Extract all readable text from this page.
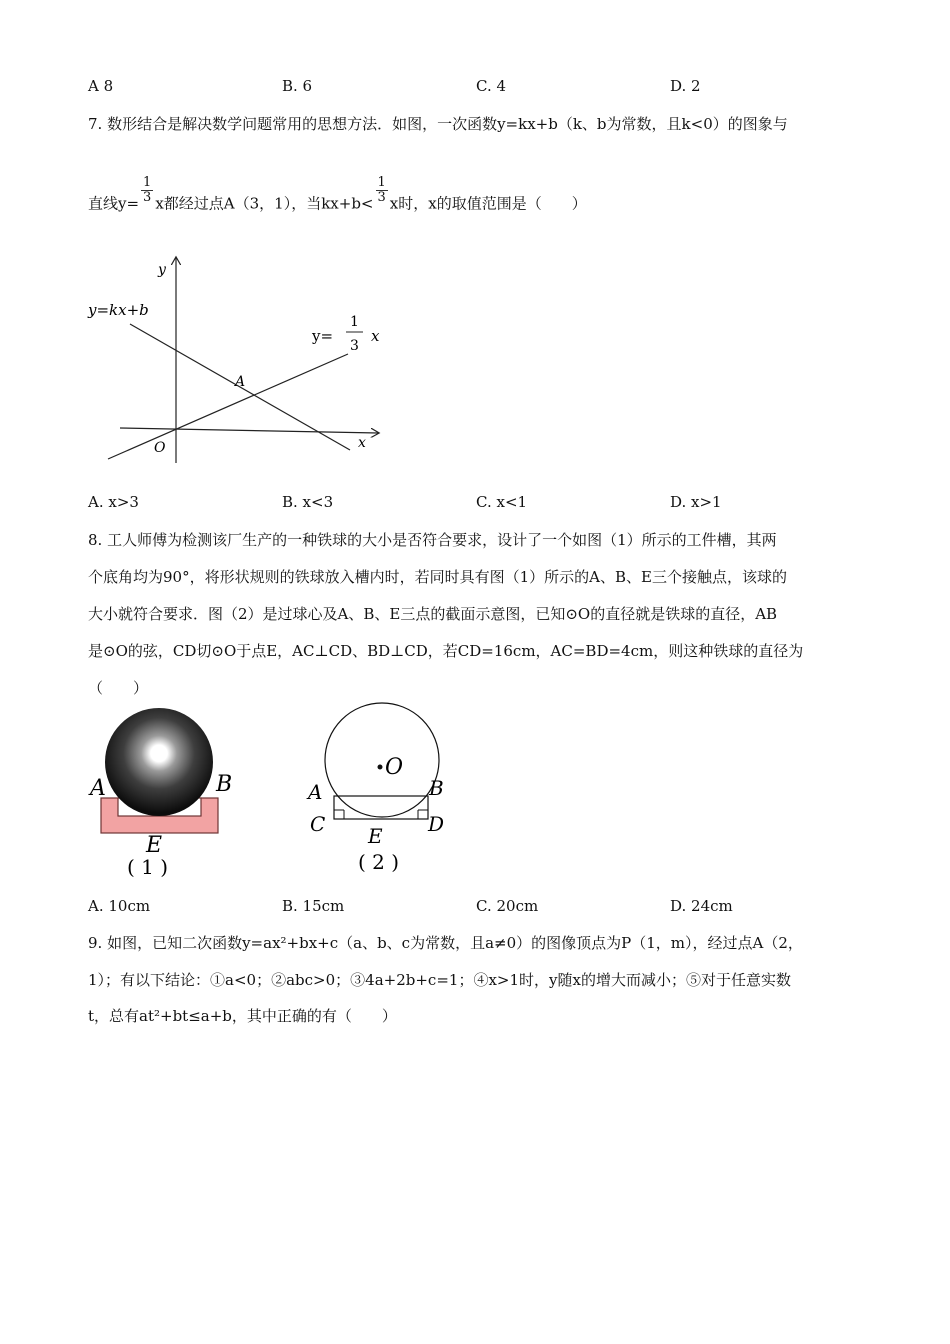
A 8	B. 6	C. 4	D. 2
7. 数形结合是解决数学问题常用的思想方法．如图，一次函数y=kx+b（k、b为常数，且k<0）的图象与
直线$y= \frac{1}{3}$ x都经过点A（3，1），当$kx+b< \frac{1}{3}$ x时，x的取值范围是（　　）
y=kx+b
y
x
O
A
y=
1
3
x
A. x>3	B. x<3	C. x<1	D. x>1
8. 工人师傅为检测该厂生产的一种铁球的大小是否符合要求，设计了一个如图（1）所示的工件槽，其两
个底角均为90°，将形状规则的铁球放入槽内时，若同时具有图（1）所示的A、B、E三个接触点，该球的
大小就符合要求．图（2）是过球心及A、B、E三点的截面示意图，已知⊙O的直径就是铁球的直径，AB
是⊙O的弦，CD切⊙O于点E，AC⊥CD、BD⊥CD，若CD=16cm，AC=BD=4cm，则这种铁球的直径为
（　　）
A	B
E
( 1 )
O
A	B
C	D
E
( 2 )
A. 10cm	B. 15cm	C. 20cm	D. 24cm
9. 如图，已知二次函数y=ax²+bx+c（a、b、c为常数，且a≠0）的图像顶点为P（1，m），经过点A（2，
1）；有以下结论：①a<0；②abc>0；③4a+2b+c=1；④x>1时，y随x的增大而减小；⑤对于任意实数
t，总有at²+bt≤a+b，其中正确的有（　　）
